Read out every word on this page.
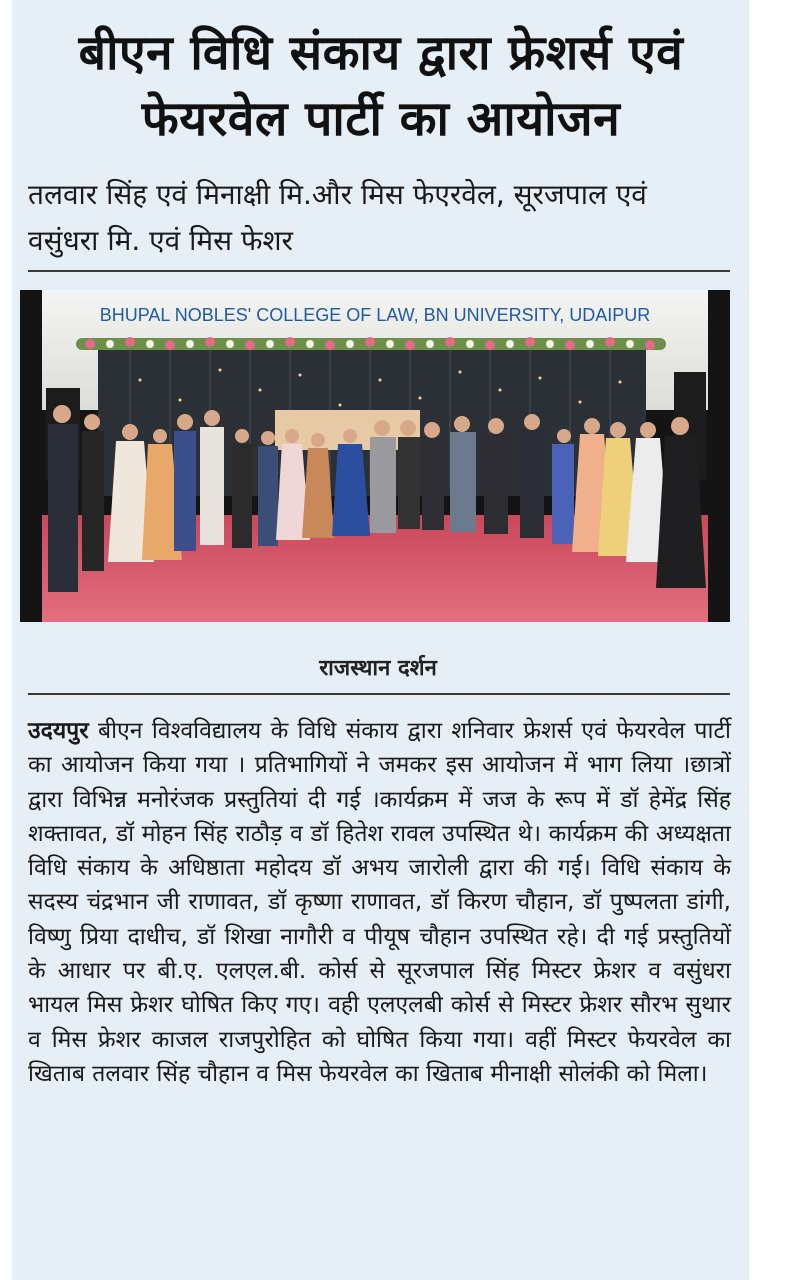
बीएन विधि संकाय द्वारा फ्रेशर्स एवं
फेयरवेल पार्टी का आयोजन
तलवार सिंह एवं मिनाक्षी मि.और मिस फेएरवेल, सूरजपाल एवं
वसुंधरा मि. एवं मिस फेशर
BHUPAL NOBLES' COLLEGE OF LAW, BN UNIVERSITY, UDAIPUR
राजस्थान दर्शन
उदयपुर बीएन विश्वविद्यालय के विधि संकाय द्वारा शनिवार फ्रेशर्स एवं फेयरवेल पार्टी का आयोजन किया गया । प्रतिभागियों ने जमकर इस आयोजन में भाग लिया ।छात्रों द्वारा विभिन्न मनोरंजक प्रस्तुतियां दी गई ।कार्यक्रम में जज के रूप में डॉ हेमेंद्र सिंह शक्तावत, डॉ मोहन सिंह राठौड़ व डॉ हितेश रावल उपस्थित थे। कार्यक्रम की अध्यक्षता विधि संकाय के अधिष्ठाता महोदय डॉ अभय जारोली द्वारा की गई। विधि संकाय के सदस्य चंद्रभान जी राणावत, डॉ कृष्णा राणावत, डॉ किरण चौहान, डॉ पुष्पलता डांगी, विष्णु प्रिया दाधीच, डॉ शिखा नागौरी व पीयूष चौहान उपस्थित रहे। दी गई प्रस्तुतियों के आधार पर बी.ए. एलएल.बी. कोर्स से सूरजपाल सिंह मिस्टर फ्रेशर व वसुंधरा भायल मिस फ्रेशर घोषित किए गए। वही एलएलबी कोर्स से मिस्टर फ्रेशर सौरभ सुथार व मिस फ्रेशर काजल राजपुरोहित को घोषित किया गया। वहीं मिस्टर फेयरवेल का खिताब तलवार सिंह चौहान व मिस फेयरवेल का खिताब मीनाक्षी सोलंकी को मिला।
